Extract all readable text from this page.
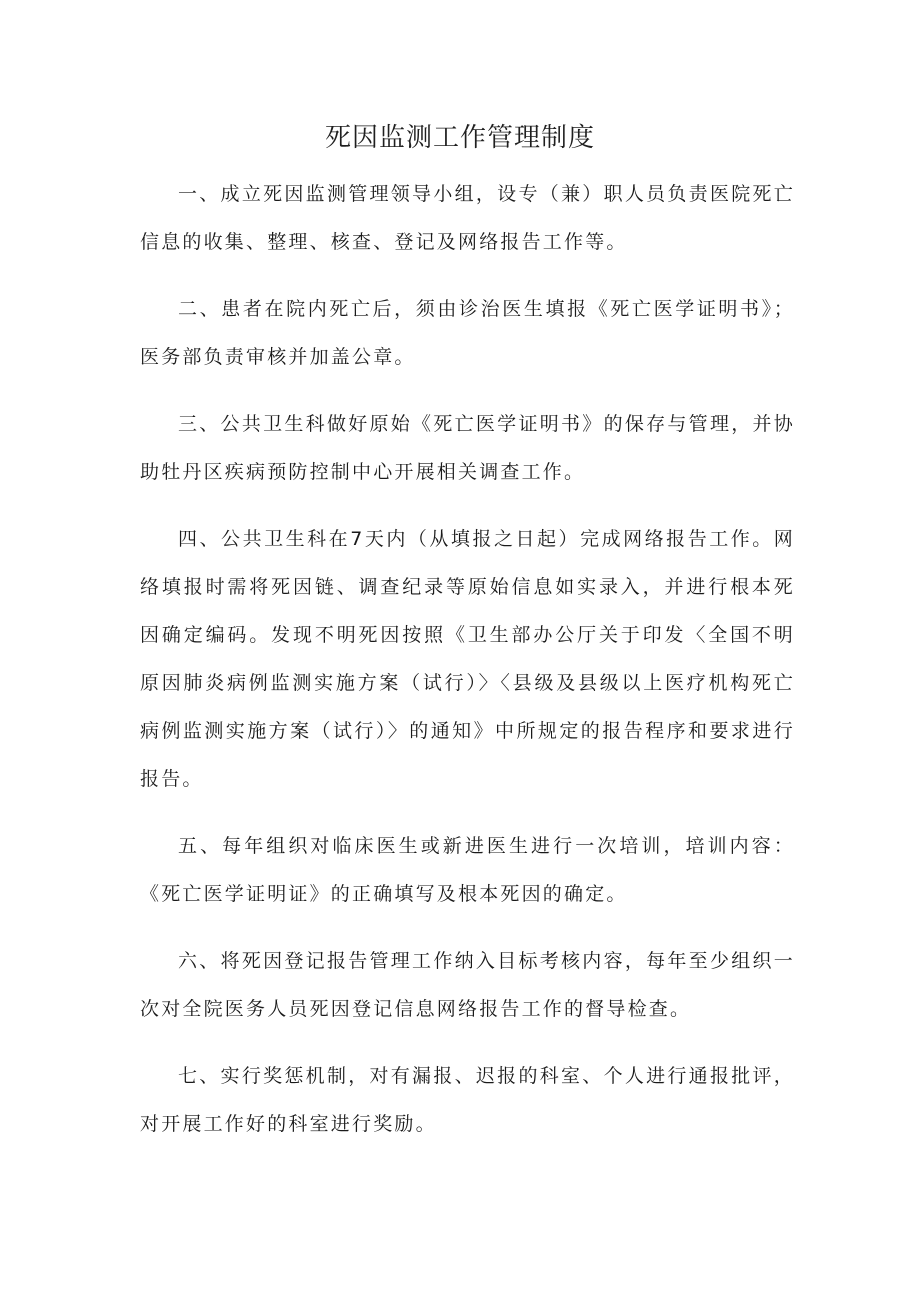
死因监测工作管理制度

一、成立死因监测管理领导小组，设专（兼）职人员负责医院死亡信息的收集、整理、核查、登记及网络报告工作等。

二、患者在院内死亡后，须由诊治医生填报《死亡医学证明书》；医务部负责审核并加盖公章。

三、公共卫生科做好原始《死亡医学证明书》的保存与管理，并协助牡丹区疾病预防控制中心开展相关调查工作。

四、公共卫生科在7天内（从填报之日起）完成网络报告工作。网络填报时需将死因链、调查纪录等原始信息如实录入，并进行根本死因确定编码。发现不明死因按照《卫生部办公厅关于印发〈全国不明原因肺炎病例监测实施方案（试行）〉〈县级及县级以上医疗机构死亡病例监测实施方案（试行）〉的通知》中所规定的报告程序和要求进行报告。

五、每年组织对临床医生或新进医生进行一次培训，培训内容：《死亡医学证明证》的正确填写及根本死因的确定。

六、将死因登记报告管理工作纳入目标考核内容，每年至少组织一次对全院医务人员死因登记信息网络报告工作的督导检查。

七、实行奖惩机制，对有漏报、迟报的科室、个人进行通报批评，对开展工作好的科室进行奖励。
